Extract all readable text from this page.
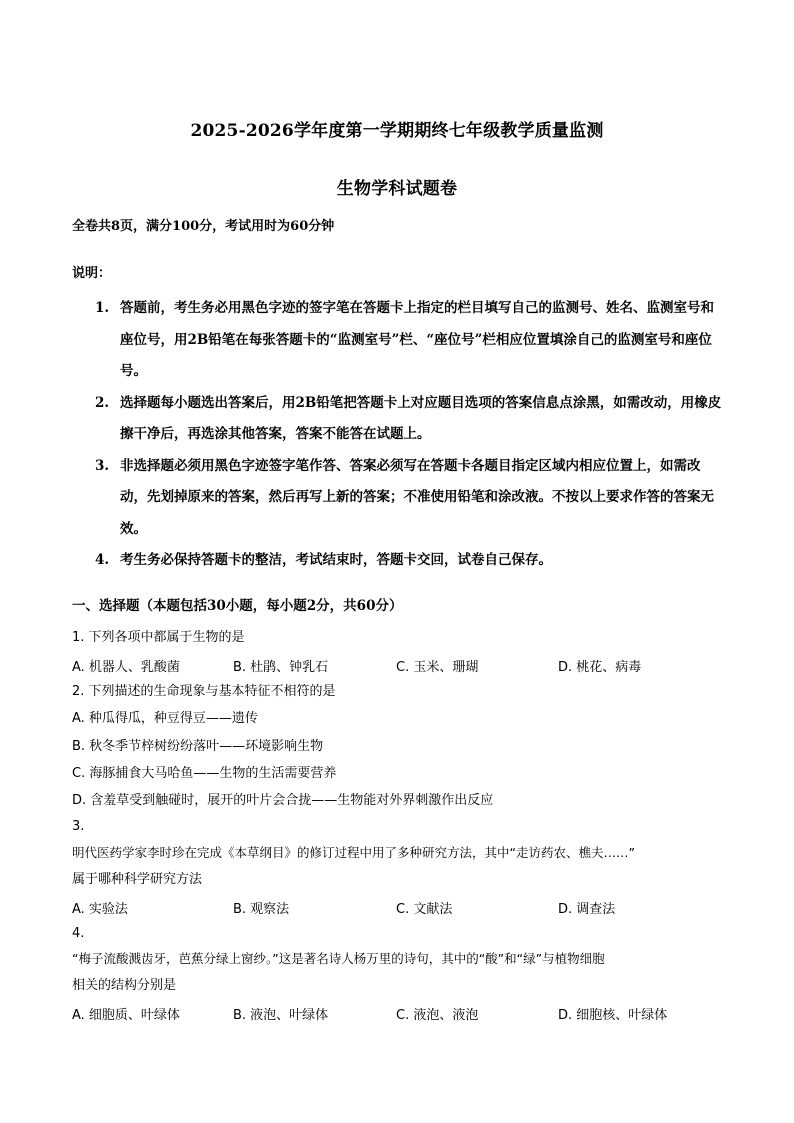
2025-2026学年度第一学期期终七年级教学质量监测
生物学科试题卷
全卷共8页，满分100分，考试用时为60分钟
说明：
1. 答题前，考生务必用黑色字迹的签字笔在答题卡上指定的栏目填写自己的监测号、姓名、监测室号和座位号，用2B铅笔在每张答题卡的“监测室号”栏、“座位号”栏相应位置填涂自己的监测室号和座位号。
2. 选择题每小题选出答案后，用2B铅笔把答题卡上对应题目选项的答案信息点涂黑，如需改动，用橡皮擦干净后，再选涂其他答案，答案不能答在试题上。
3. 非选择题必须用黑色字迹签字笔作答、答案必须写在答题卡各题目指定区域内相应位置上，如需改动，先划掉原来的答案，然后再写上新的答案；不准使用铅笔和涂改液。不按以上要求作答的答案无效。
4. 考生务必保持答题卡的整洁，考试结束时，答题卡交回，试卷自己保存。
一、选择题（本题包括30小题，每小题2分，共60分）
1. 下列各项中都属于生物的是
A. 机器人、乳酸菌	B. 杜鹃、钟乳石	C. 玉米、珊瑚	D. 桃花、病毒
2. 下列描述的生命现象与基本特征不相符的是
A. 种瓜得瓜，种豆得豆——遗传
B. 秋冬季节梓树纷纷落叶——环境影响生物
C. 海豚捕食大马哈鱼——生物的生活需要营养
D. 含羞草受到触碰时，展开的叶片会合拢——生物能对外界刺激作出反应
3.
明代医药学家李时珍在完成《本草纲目》的修订过程中用了多种研究方法，其中“走访药农、樵夫……”
属于哪种科学研究方法
A. 实验法	B. 观察法	C. 文献法	D. 调查法
4.
“梅子流酸溅齿牙，芭蕉分绿上窗纱。”这是著名诗人杨万里的诗句，其中的“酸”和“绿”与植物细胞
相关的结构分别是
A. 细胞质、叶绿体	B. 液泡、叶绿体	C. 液泡、液泡	D. 细胞核、叶绿体
